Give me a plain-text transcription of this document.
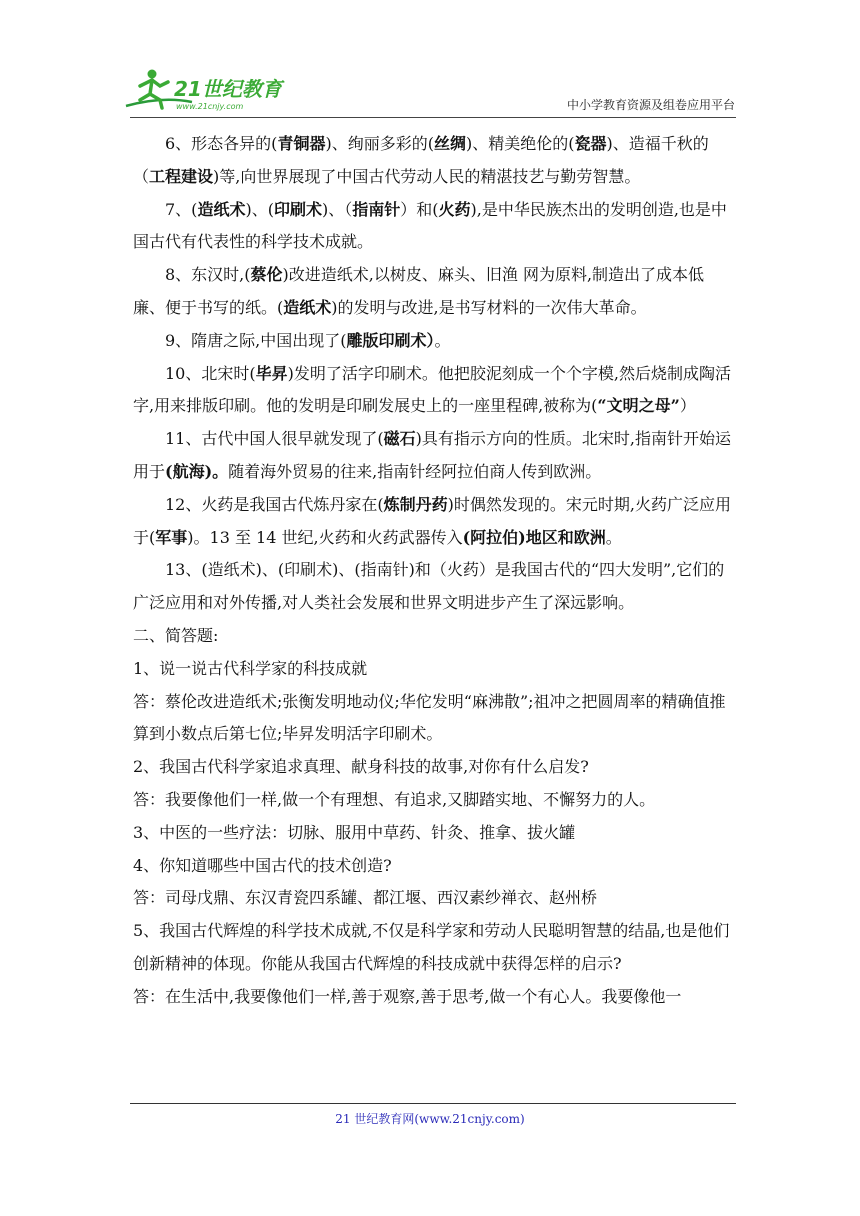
21世纪教育
www.21cnjy.com	中小学教育资源及组卷应用平台

6、形态各异的(青铜器)、绚丽多彩的(丝绸)、精美绝伦的(瓷器)、造福千秋的（工程建设)等,向世界展现了中国古代劳动人民的精湛技艺与勤劳智慧。

7、(造纸术)、(印刷术)、（指南针）和(火药),是中华民族杰出的发明创造,也是中国古代有代表性的科学技术成就。

8、东汉时,(蔡伦)改进造纸术,以树皮、麻头、旧渔 网为原料,制造出了成本低廉、便于书写的纸。(造纸术)的发明与改进,是书写材料的一次伟大革命。

9、隋唐之际,中国出现了(雕版印刷术）。

10、北宋时(毕昇)发明了活字印刷术。他把胶泥刻成一个个字模,然后烧制成陶活字,用来排版印刷。他的发明是印刷发展史上的一座里程碑,被称为(“文明之母”）

11、古代中国人很早就发现了(磁石)具有指示方向的性质。北宋时,指南针开始运用于(航海)。随着海外贸易的往来,指南针经阿拉伯商人传到欧洲。

12、火药是我国古代炼丹家在(炼制丹药)时偶然发现的。宋元时期,火药广泛应用于(军事)。13 至 14 世纪,火药和火药武器传入(阿拉伯)地区和欧洲。

13、(造纸术)、(印刷术)、(指南针)和（火药）是我国古代的“四大发明”,它们的广泛应用和对外传播,对人类社会发展和世界文明进步产生了深远影响。

二、简答题:

1、说一说古代科学家的科技成就

答：蔡伦改进造纸术;张衡发明地动仪;华佗发明“麻沸散”;祖冲之把圆周率的精确值推算到小数点后第七位;毕昇发明活字印刷术。

2、我国古代科学家追求真理、献身科技的故事,对你有什么启发?

答：我要像他们一样,做一个有理想、有追求,又脚踏实地、不懈努力的人。

3、中医的一些疗法：切脉、服用中草药、针灸、推拿、拔火罐

4、你知道哪些中国古代的技术创造?

答：司母戊鼎、东汉青瓷四系罐、都江堰、西汉素纱禅衣、赵州桥

5、我国古代辉煌的科学技术成就,不仅是科学家和劳动人民聪明智慧的结晶,也是他们创新精神的体现。你能从我国古代辉煌的科技成就中获得怎样的启示?

答：在生活中,我要像他们一样,善于观察,善于思考,做一个有心人。我要像他一

21 世纪教育网(www.21cnjy.com)
